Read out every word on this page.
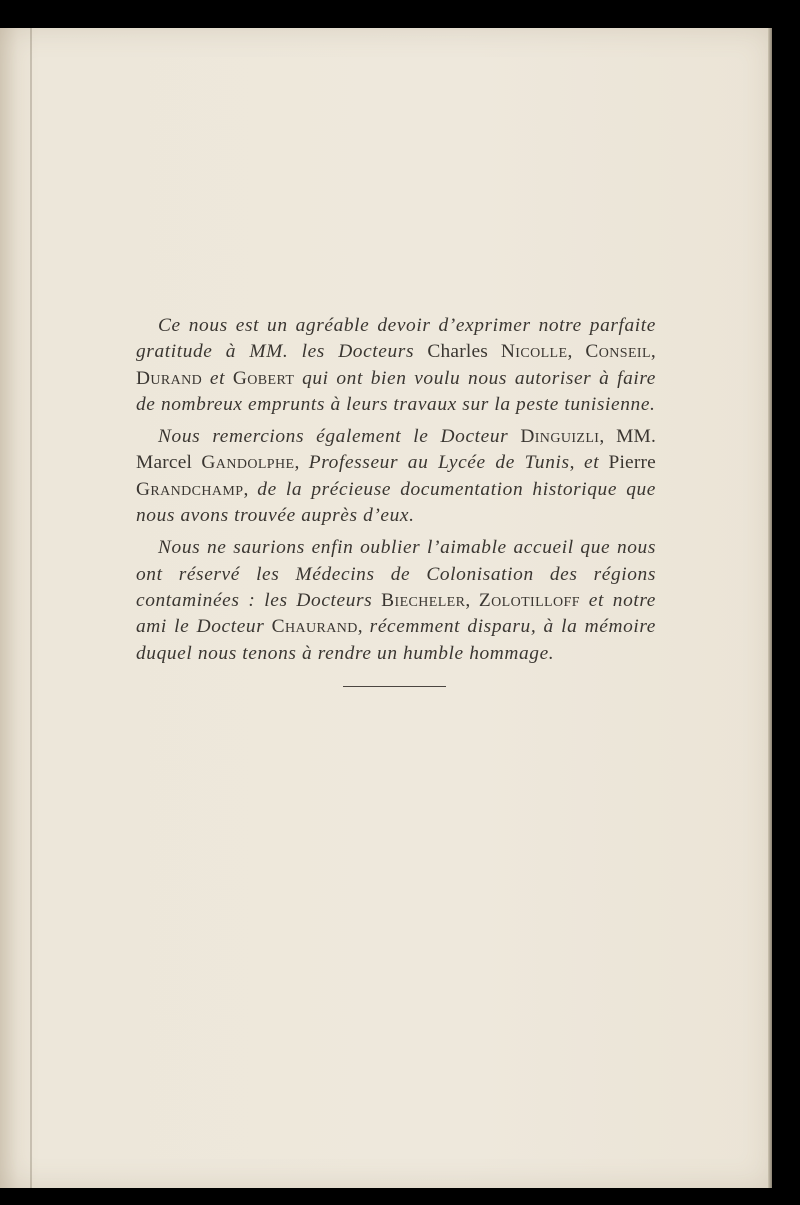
Ce nous est un agréable devoir d’exprimer notre parfaite gratitude à MM. les Docteurs Charles Nicolle, Conseil, Durand et Gobert qui ont bien voulu nous autoriser à faire de nombreux emprunts à leurs travaux sur la peste tunisienne.

Nous remercions également le Docteur Dinguizli, MM. Marcel Gandolphe, Professeur au Lycée de Tunis, et Pierre Grandchamp, de la précieuse documentation historique que nous avons trouvée auprès d’eux.

Nous ne saurions enfin oublier l’aimable accueil que nous ont réservé les Médecins de Colonisation des régions contaminées : les Docteurs Biecheler, Zolotilloff et notre ami le Docteur Chaurand, récemment disparu, à la mémoire duquel nous tenons à rendre un humble hommage.
